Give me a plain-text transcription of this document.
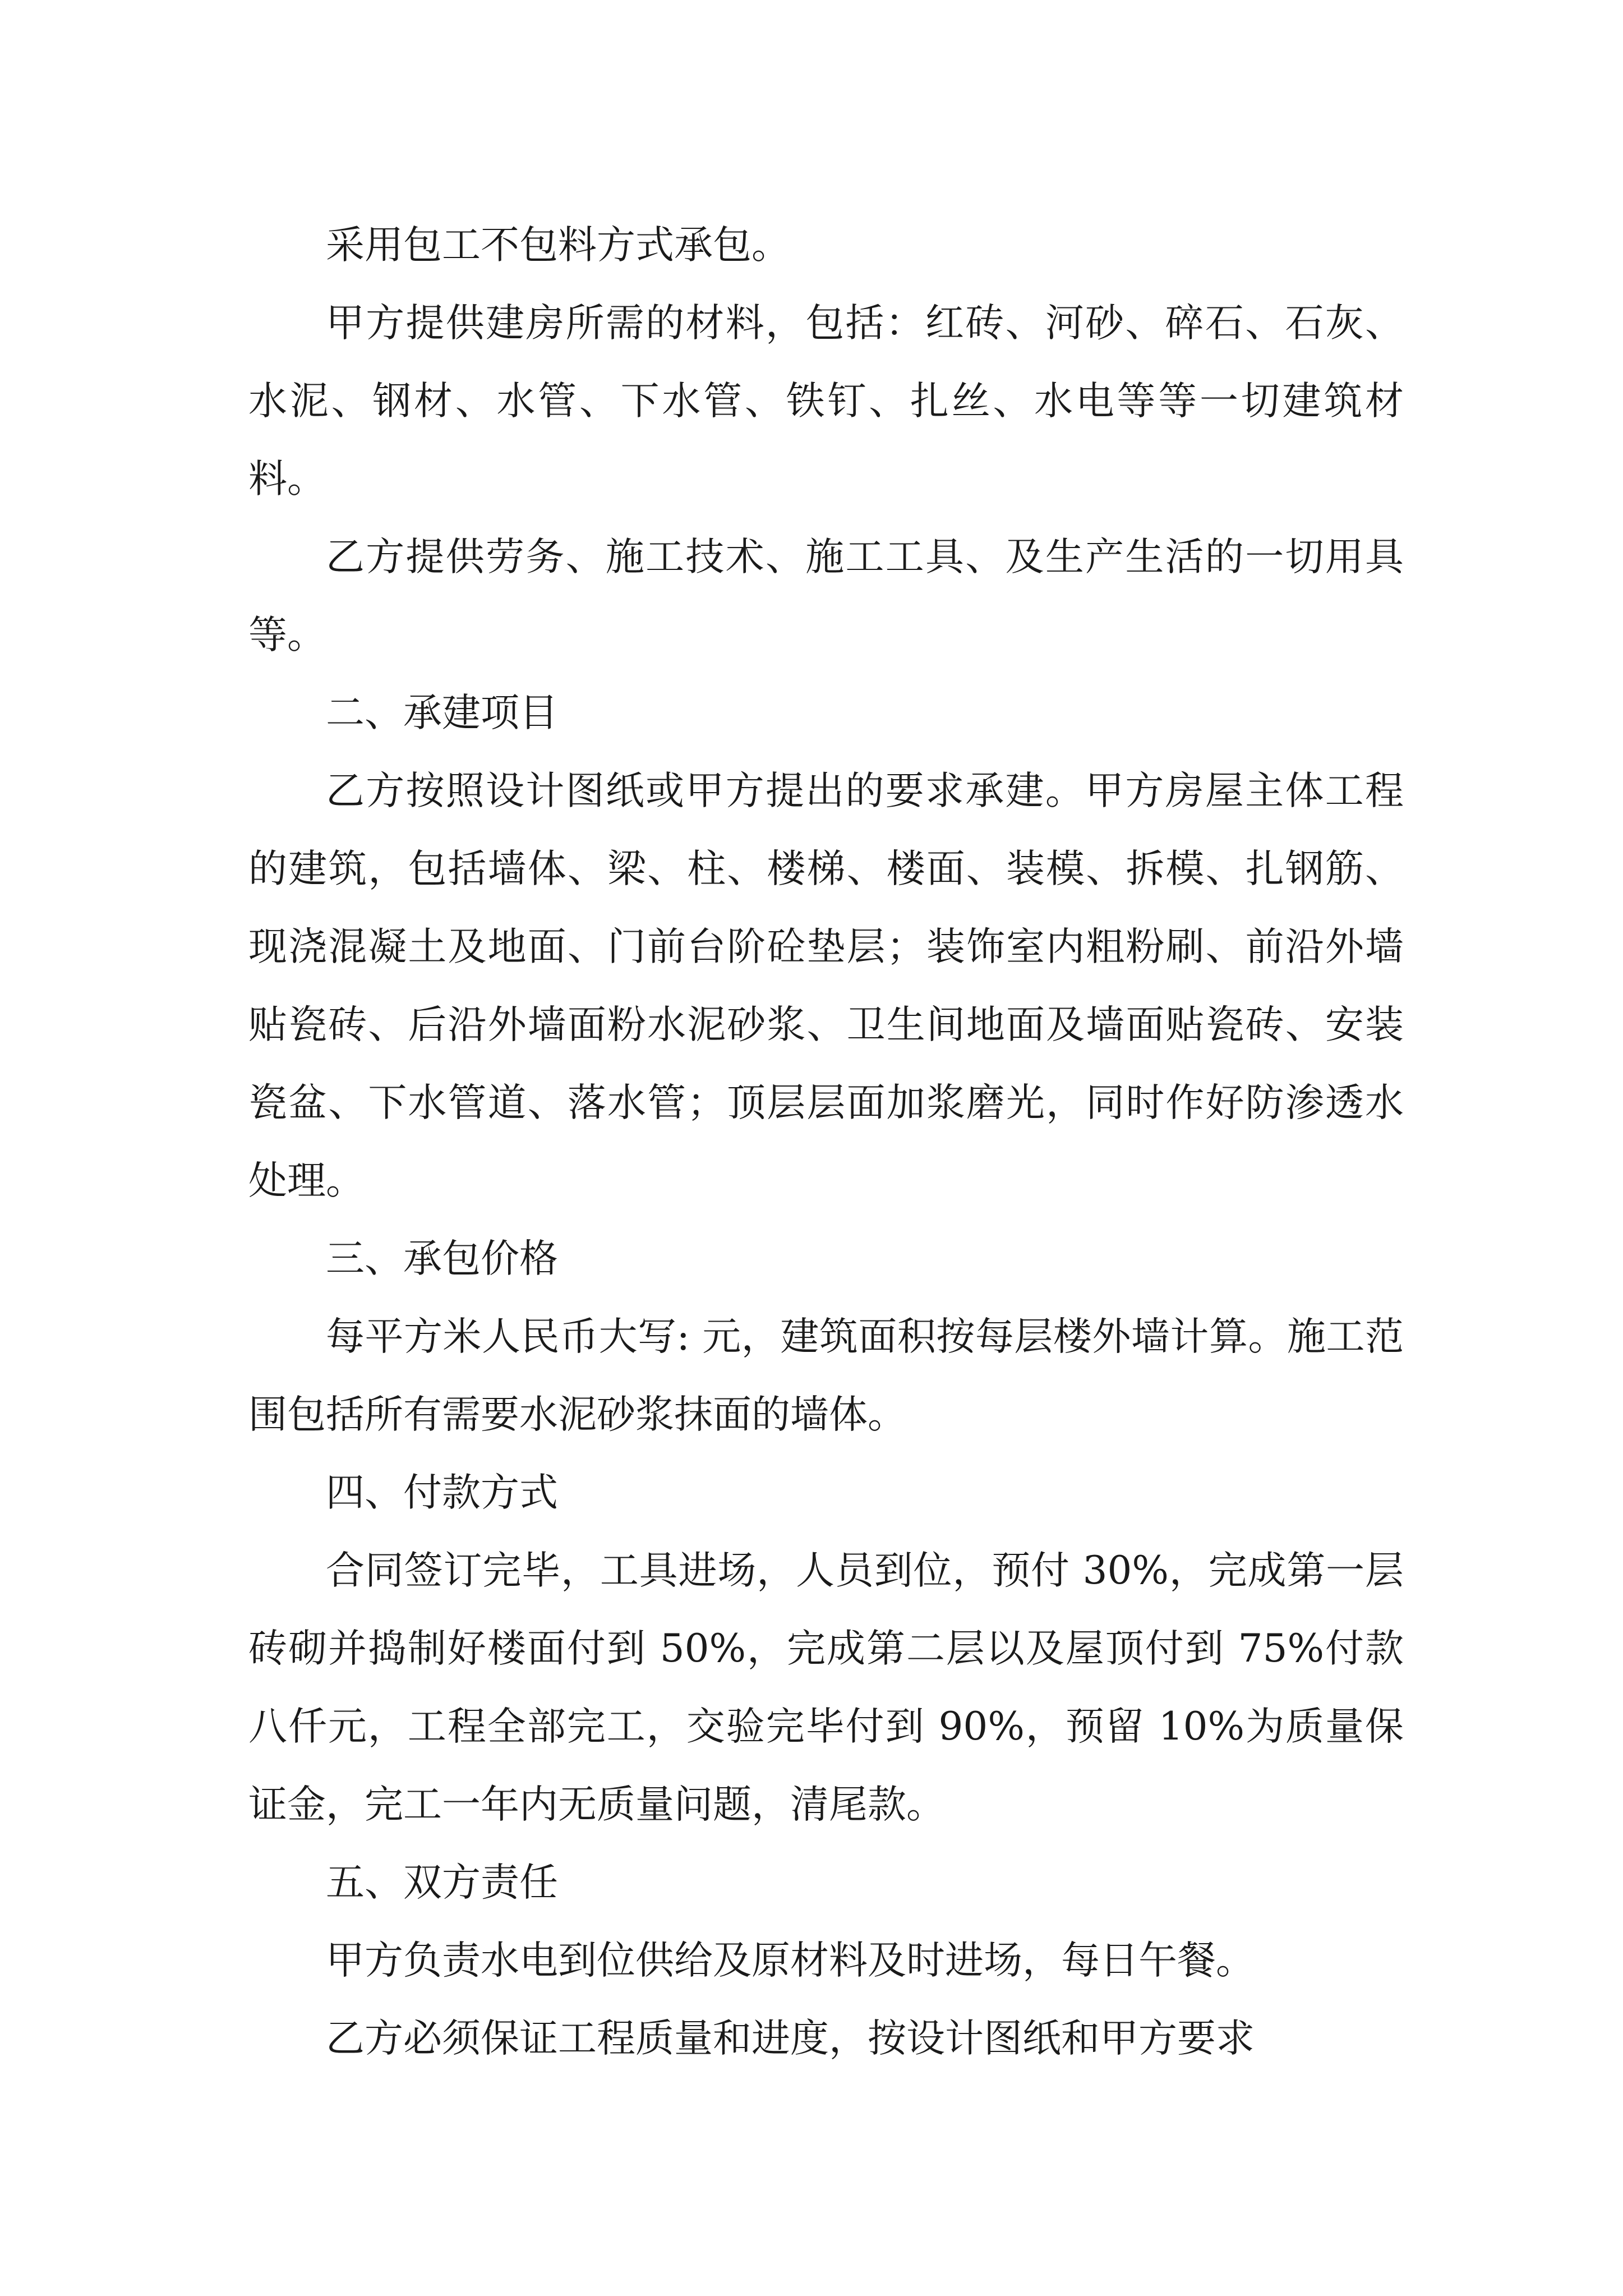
采用包工不包料方式承包。

甲方提供建房所需的材料，包括：红砖、河砂、碎石、石灰、水泥、钢材、水管、下水管、铁钉、扎丝、水电等等一切建筑材料。

乙方提供劳务、施工技术、施工工具、及生产生活的一切用具等。

二、承建项目

乙方按照设计图纸或甲方提出的要求承建。甲方房屋主体工程的建筑，包括墙体、梁、柱、楼梯、楼面、装模、拆模、扎钢筋、现浇混凝土及地面、门前台阶砼垫层；装饰室内粗粉刷、前沿外墙贴瓷砖、后沿外墙面粉水泥砂浆、卫生间地面及墙面贴瓷砖、安装瓷盆、下水管道、落水管；顶层层面加浆磨光，同时作好防渗透水处理。

三、承包价格

每平方米人民币大写: 元，建筑面积按每层楼外墙计算。施工范围包括所有需要水泥砂浆抹面的墙体。

四、付款方式

合同签订完毕，工具进场，人员到位，预付 30%，完成第一层砖砌并捣制好楼面付到 50%，完成第二层以及屋顶付到 75%付款八仟元，工程全部完工，交验完毕付到 90%，预留 10%为质量保证金，完工一年内无质量问题，清尾款。

五、双方责任

甲方负责水电到位供给及原材料及时进场，每日午餐。

乙方必须保证工程质量和进度，按设计图纸和甲方要求
